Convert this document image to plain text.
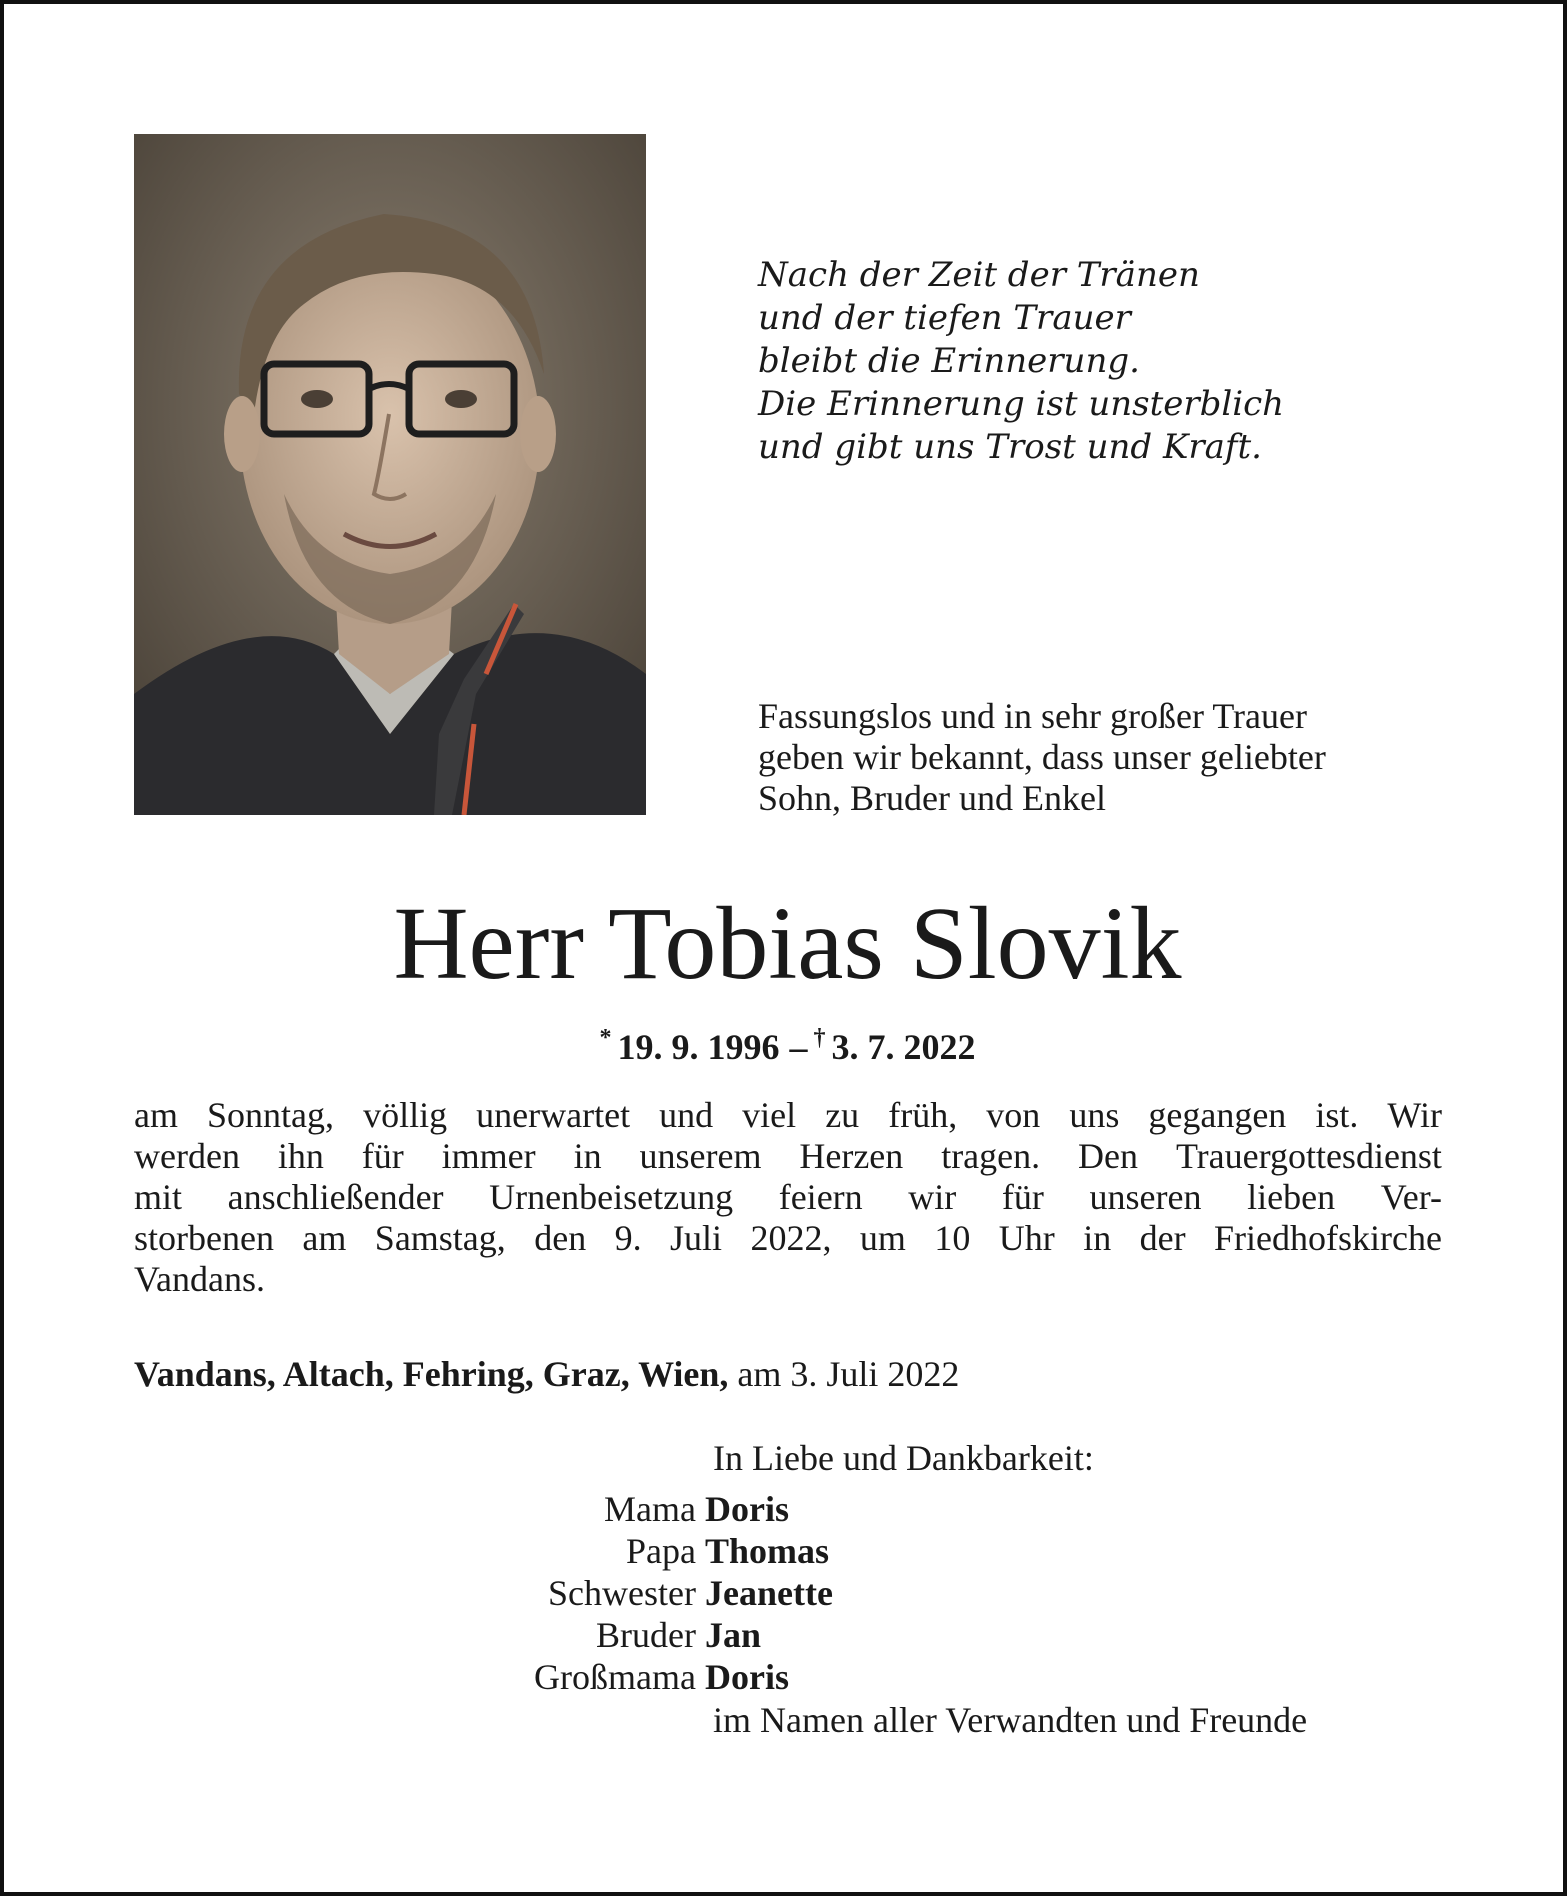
Nach der Zeit der Tränen
und der tiefen Trauer
bleibt die Erinnerung.
Die Erinnerung ist unsterblich
und gibt uns Trost und Kraft.
Fassungslos und in sehr großer Trauer
geben wir bekannt, dass unser geliebter
Sohn, Bruder und Enkel
Herr Tobias Slovik
* 19. 9. 1996 – † 3. 7. 2022
am Sonntag, völlig unerwartet und viel zu früh, von uns gegangen ist. Wir
werden ihn für immer in unserem Herzen tragen. Den Trauergottesdienst
mit anschließender Urnenbeisetzung feiern wir für unseren lieben Ver-
storbenen am Samstag, den 9. Juli 2022, um 10 Uhr in der Friedhofskirche
Vandans.
Vandans, Altach, Fehring, Graz, Wien, am 3. Juli 2022
In Liebe und Dankbarkeit:
Mama Doris
Papa Thomas
Schwester Jeanette
Bruder Jan
Großmama Doris
im Namen aller Verwandten und Freunde
